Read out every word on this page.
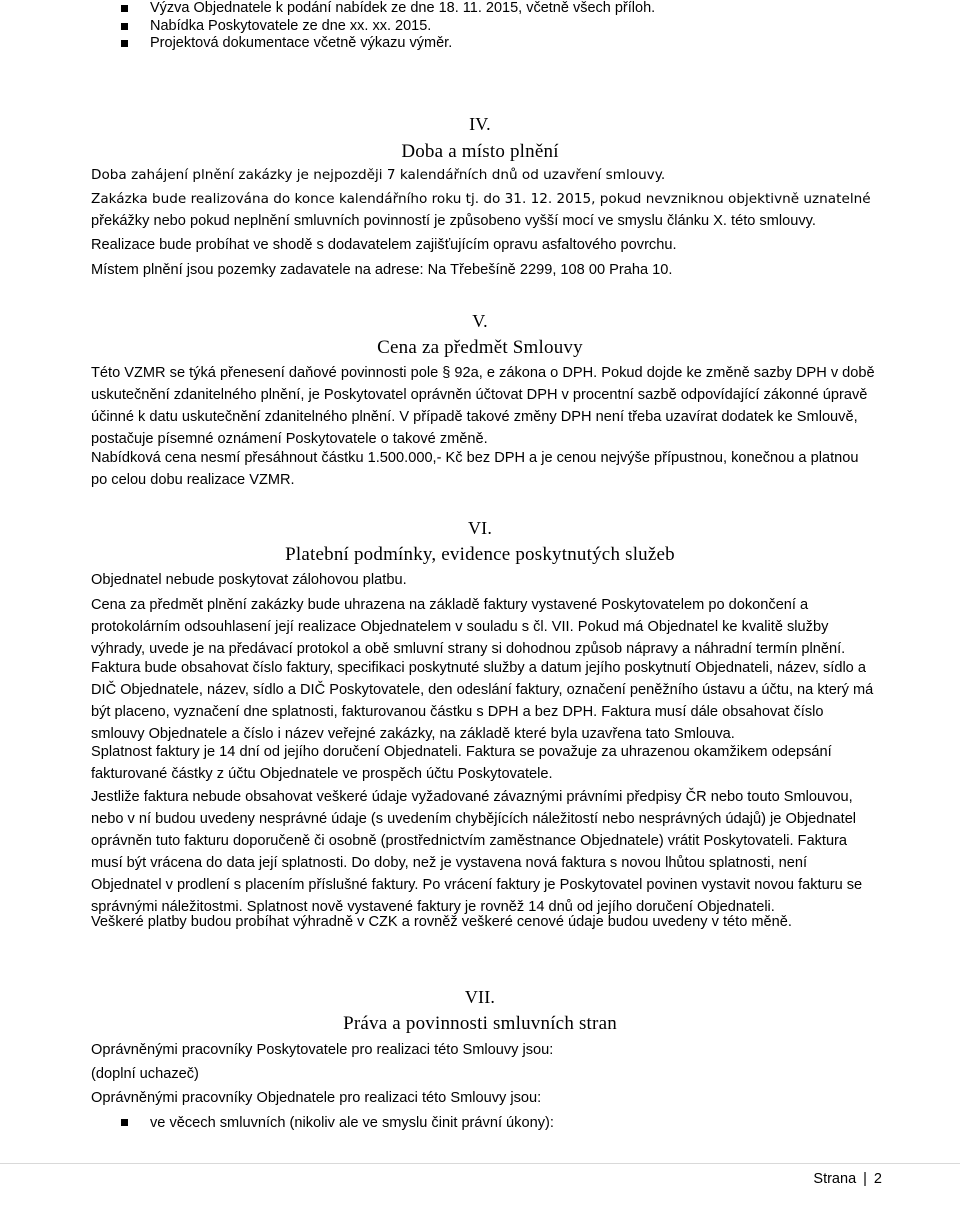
Výzva Objednatele k podání nabídek ze dne 18. 11. 2015, včetně všech příloh.
Nabídka Poskytovatele ze dne xx. xx. 2015.
Projektová dokumentace včetně výkazu výměr.
IV.
Doba a místo plnění

Doba zahájení plnění zakázky je nejpozději 7 kalendářních dnů od uzavření smlouvy.

Zakázka bude realizována do konce kalendářního roku tj. do 31. 12. 2015, pokud nevzniknou objektivně uznatelné

překážky nebo pokud neplnění smluvních povinností je způsobeno vyšší mocí ve smyslu článku X. této smlouvy.

Realizace bude probíhat ve shodě s dodavatelem zajišťujícím opravu asfaltového povrchu.

Místem plnění jsou pozemky zadavatele na adrese: Na Třebešíně 2299, 108 00 Praha 10.

V.
Cena za předmět Smlouvy

Této VZMR se týká přenesení daňové povinnosti pole § 92a, e zákona o DPH. Pokud dojde ke změně sazby DPH v době uskutečnění zdanitelného plnění, je Poskytovatel oprávněn účtovat DPH v procentní sazbě odpovídající zákonné úpravě účinné k datu uskutečnění zdanitelného plnění. V případě takové změny DPH není třeba uzavírat dodatek ke Smlouvě, postačuje písemné oznámení Poskytovatele o takové změně.

Nabídková cena nesmí přesáhnout částku 1.500.000,- Kč bez DPH a je cenou nejvýše přípustnou, konečnou a platnou po celou dobu realizace VZMR.

VI.
Platební podmínky, evidence poskytnutých služeb

Objednatel nebude poskytovat zálohovou platbu.

Cena za předmět plnění zakázky bude uhrazena na základě faktury vystavené Poskytovatelem po dokončení a protokolárním odsouhlasení její realizace Objednatelem v souladu s čl. VII. Pokud má Objednatel ke kvalitě služby výhrady, uvede je na předávací protokol a obě smluvní strany si dohodnou způsob nápravy a náhradní termín plnění.

Faktura bude obsahovat číslo faktury, specifikaci poskytnuté služby a datum jejího poskytnutí Objednateli, název, sídlo a DIČ Objednatele, název, sídlo a DIČ Poskytovatele, den odeslání faktury, označení peněžního ústavu a účtu, na který má být placeno, vyznačení dne splatnosti, fakturovanou částku s DPH a bez DPH. Faktura musí dále obsahovat číslo smlouvy Objednatele a číslo i název veřejné zakázky, na základě které byla uzavřena tato Smlouva.

Splatnost faktury je 14 dní od jejího doručení Objednateli. Faktura se považuje za uhrazenou okamžikem odepsání fakturované částky z účtu Objednatele ve prospěch účtu Poskytovatele.

Jestliže faktura nebude obsahovat veškeré údaje vyžadované závaznými právními předpisy ČR nebo touto Smlouvou, nebo v ní budou uvedeny nesprávné údaje (s uvedením chybějících náležitostí nebo nesprávných údajů) je Objednatel oprávněn tuto fakturu doporučeně či osobně (prostřednictvím zaměstnance Objednatele) vrátit Poskytovateli. Faktura musí být vrácena do data její splatnosti. Do doby, než je vystavena nová faktura s novou lhůtou splatnosti, není Objednatel v prodlení s placením příslušné faktury. Po vrácení faktury je Poskytovatel povinen vystavit novou fakturu se správnými náležitostmi. Splatnost nově vystavené faktury je rovněž 14 dnů od jejího doručení Objednateli.

Veškeré platby budou probíhat výhradně v CZK a rovněž veškeré cenové údaje budou uvedeny v této měně.

VII.
Práva a povinnosti smluvních stran

Oprávněnými pracovníky Poskytovatele pro realizaci této Smlouvy jsou:

(doplní uchazeč)

Oprávněnými pracovníky Objednatele pro realizaci této Smlouvy jsou:

ve věcech smluvních (nikoliv ale ve smyslu činit právní úkony):
Strana | 2
